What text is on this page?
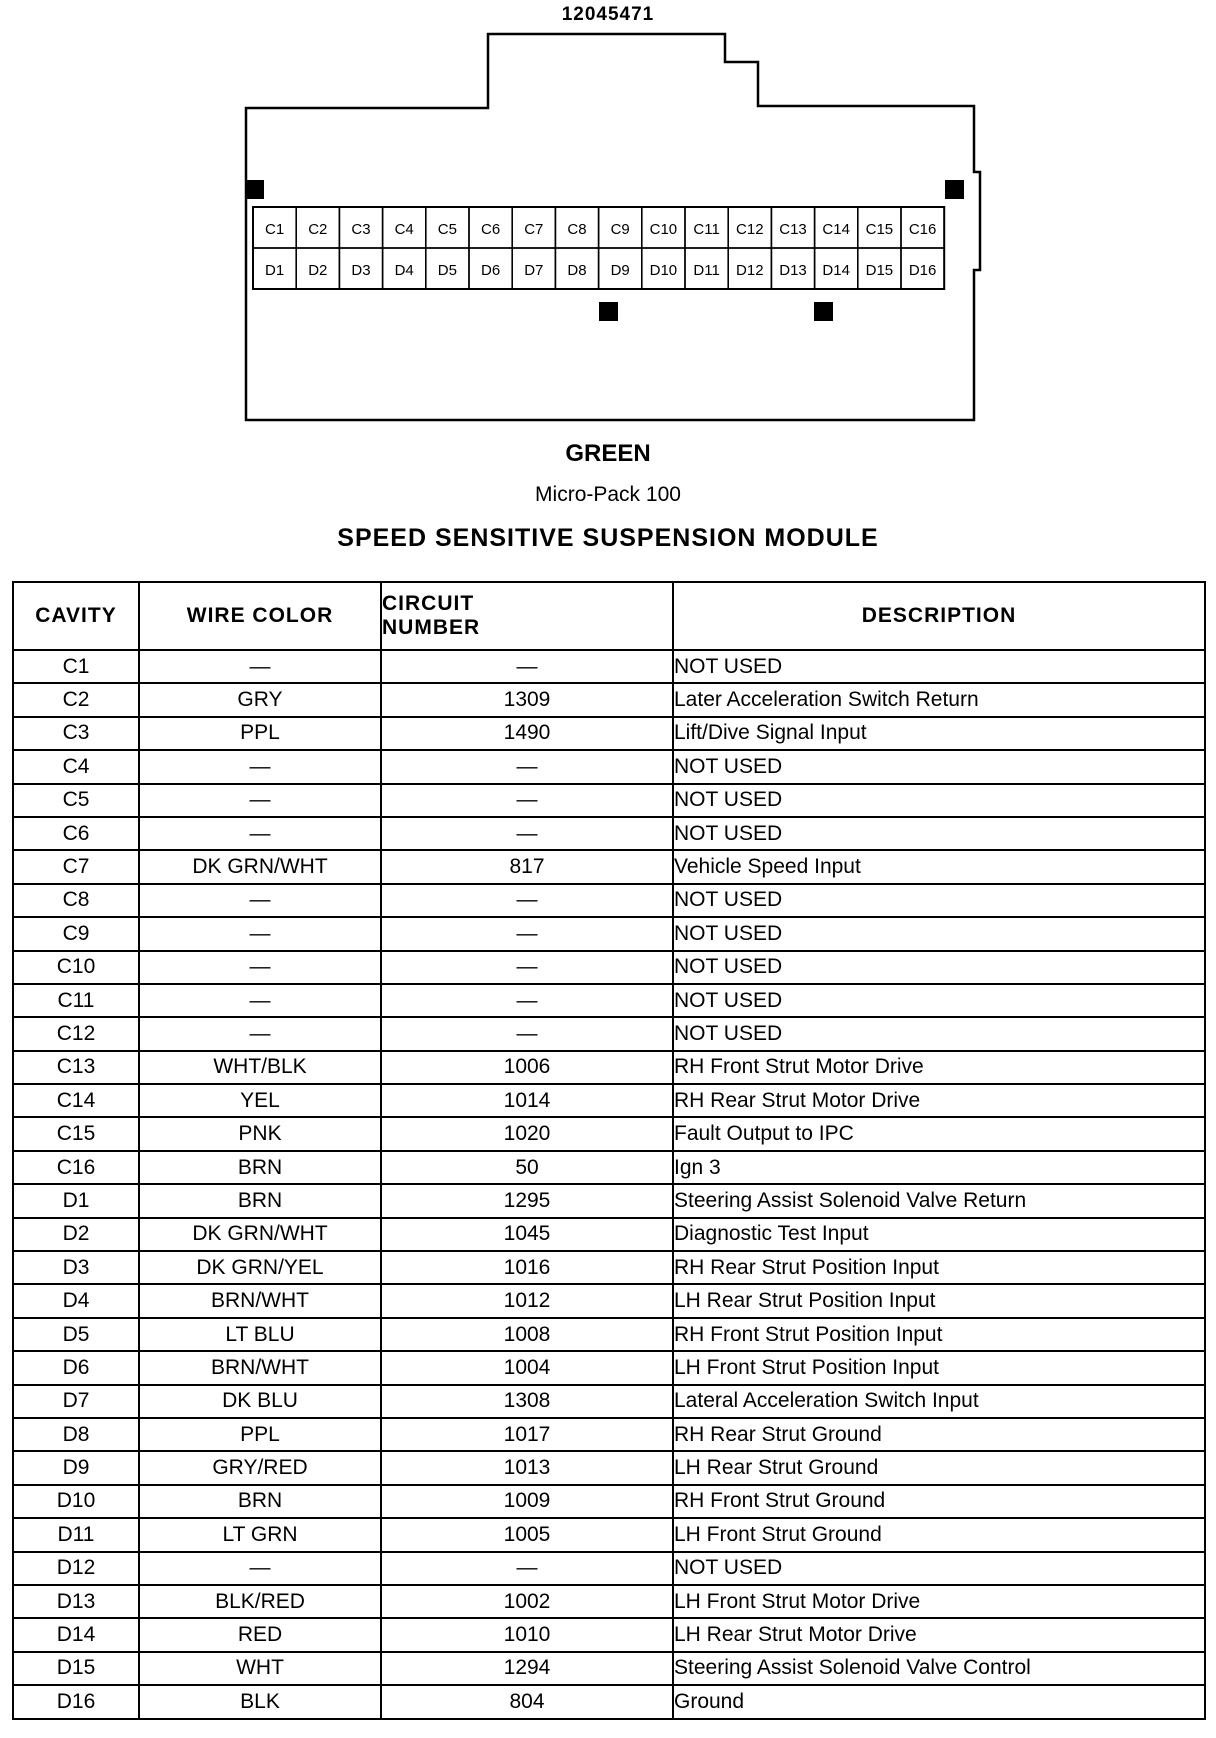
12045471
C1 C2 C3 C4 C5 C6 C7 C8 C9 C10 C11 C12 C13 C14 C15 C16
D1 D2 D3 D4 D5 D6 D7 D8 D9 D10 D11 D12 D13 D14 D15 D16
GREEN
Micro-Pack 100
SPEED SENSITIVE SUSPENSION MODULE
CAVITY	WIRE COLOR	CIRCUIT NUMBER	DESCRIPTION
C1	—	—	NOT USED
C2	GRY	1309	Later Acceleration Switch Return
C3	PPL	1490	Lift/Dive Signal Input
C4	—	—	NOT USED
C5	—	—	NOT USED
C6	—	—	NOT USED
C7	DK GRN/WHT	817	Vehicle Speed Input
C8	—	—	NOT USED
C9	—	—	NOT USED
C10	—	—	NOT USED
C11	—	—	NOT USED
C12	—	—	NOT USED
C13	WHT/BLK	1006	RH Front Strut Motor Drive
C14	YEL	1014	RH Rear Strut Motor Drive
C15	PNK	1020	Fault Output to IPC
C16	BRN	50	Ign 3
D1	BRN	1295	Steering Assist Solenoid Valve Return
D2	DK GRN/WHT	1045	Diagnostic Test Input
D3	DK GRN/YEL	1016	RH Rear Strut Position Input
D4	BRN/WHT	1012	LH Rear Strut Position Input
D5	LT BLU	1008	RH Front Strut Position Input
D6	BRN/WHT	1004	LH Front Strut Position Input
D7	DK BLU	1308	Lateral Acceleration Switch Input
D8	PPL	1017	RH Rear Strut Ground
D9	GRY/RED	1013	LH Rear Strut Ground
D10	BRN	1009	RH Front Strut Ground
D11	LT GRN	1005	LH Front Strut Ground
D12	—	—	NOT USED
D13	BLK/RED	1002	LH Front Strut Motor Drive
D14	RED	1010	LH Rear Strut Motor Drive
D15	WHT	1294	Steering Assist Solenoid Valve Control
D16	BLK	804	Ground
